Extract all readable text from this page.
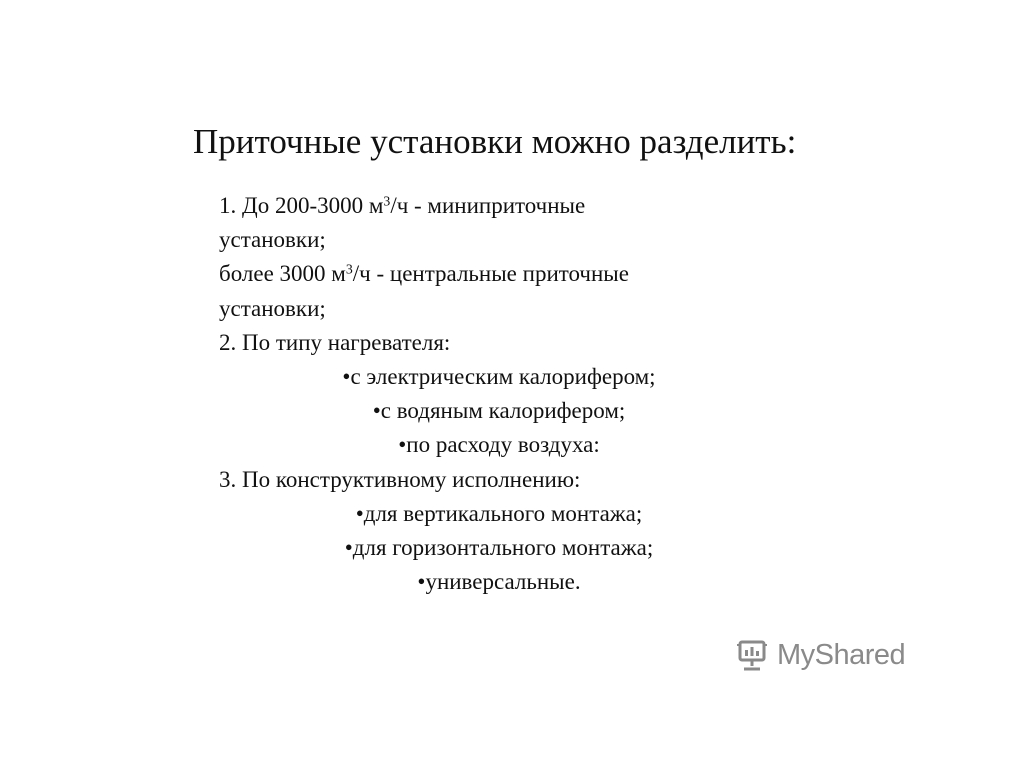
Приточные установки можно разделить:
1. До 200-3000 $м^3/ч$ - миниприточные
установки;
более 3000 $м^3/ч$ - центральные приточные
установки;
2. По типу нагревателя:
•с электрическим калорифером;
•с водяным калорифером;
•по расходу воздуха:
3. По конструктивному исполнению:
•для вертикального монтажа;
•для горизонтального монтажа;
•универсальные.
MyShared
